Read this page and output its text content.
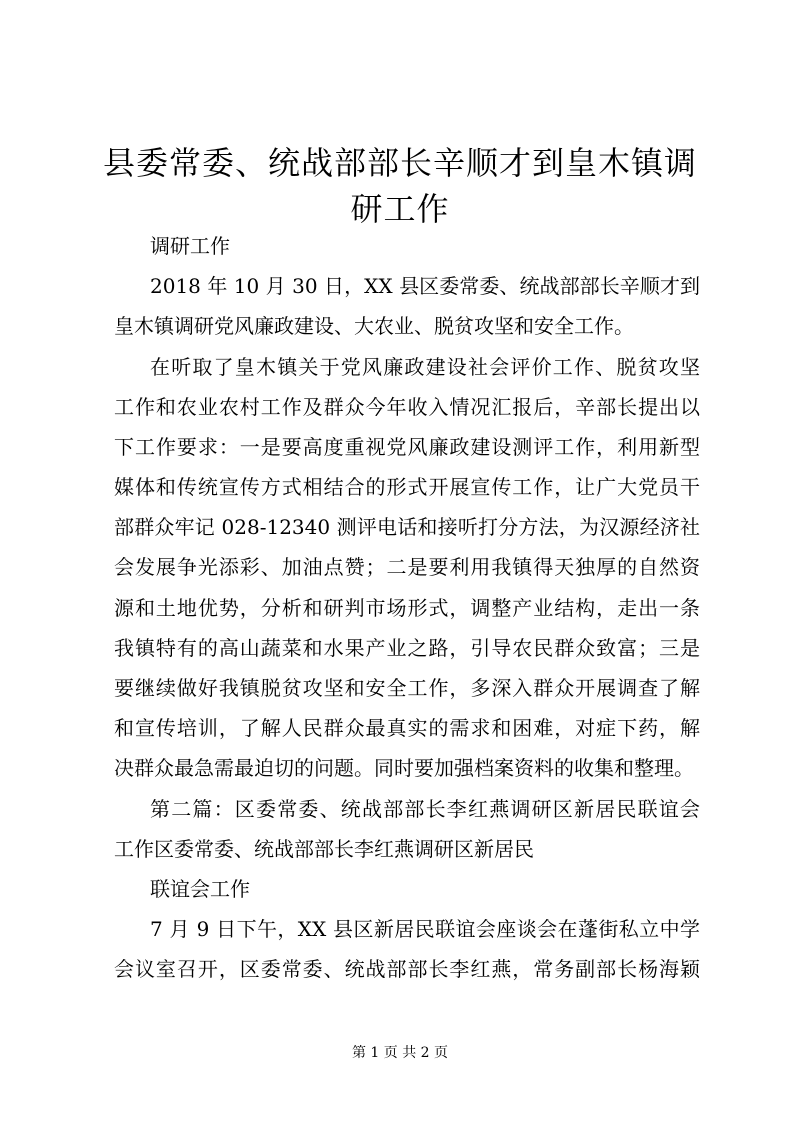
县委常委、统战部部长辛顺才到皇木镇调研工作
调研工作
2018 年 10 月 30 日，XX 县区委常委、统战部部长辛顺才到
皇木镇调研党风廉政建设、大农业、脱贫攻坚和安全工作。
在听取了皇木镇关于党风廉政建设社会评价工作、脱贫攻坚
工作和农业农村工作及群众今年收入情况汇报后，辛部长提出以
下工作要求：一是要高度重视党风廉政建设测评工作，利用新型
媒体和传统宣传方式相结合的形式开展宣传工作，让广大党员干
部群众牢记 028-12340 测评电话和接听打分方法，为汉源经济社
会发展争光添彩、加油点赞；二是要利用我镇得天独厚的自然资
源和土地优势，分析和研判市场形式，调整产业结构，走出一条
我镇特有的高山蔬菜和水果产业之路，引导农民群众致富；三是
要继续做好我镇脱贫攻坚和安全工作，多深入群众开展调查了解
和宣传培训，了解人民群众最真实的需求和困难，对症下药，解
决群众最急需最迫切的问题。同时要加强档案资料的收集和整理。
第二篇：区委常委、统战部部长李红燕调研区新居民联谊会
工作区委常委、统战部部长李红燕调研区新居民
联谊会工作
7 月 9 日下午，XX 县区新居民联谊会座谈会在蓬街私立中学
会议室召开，区委常委、统战部部长李红燕，常务副部长杨海颖
第 1 页 共 2 页
